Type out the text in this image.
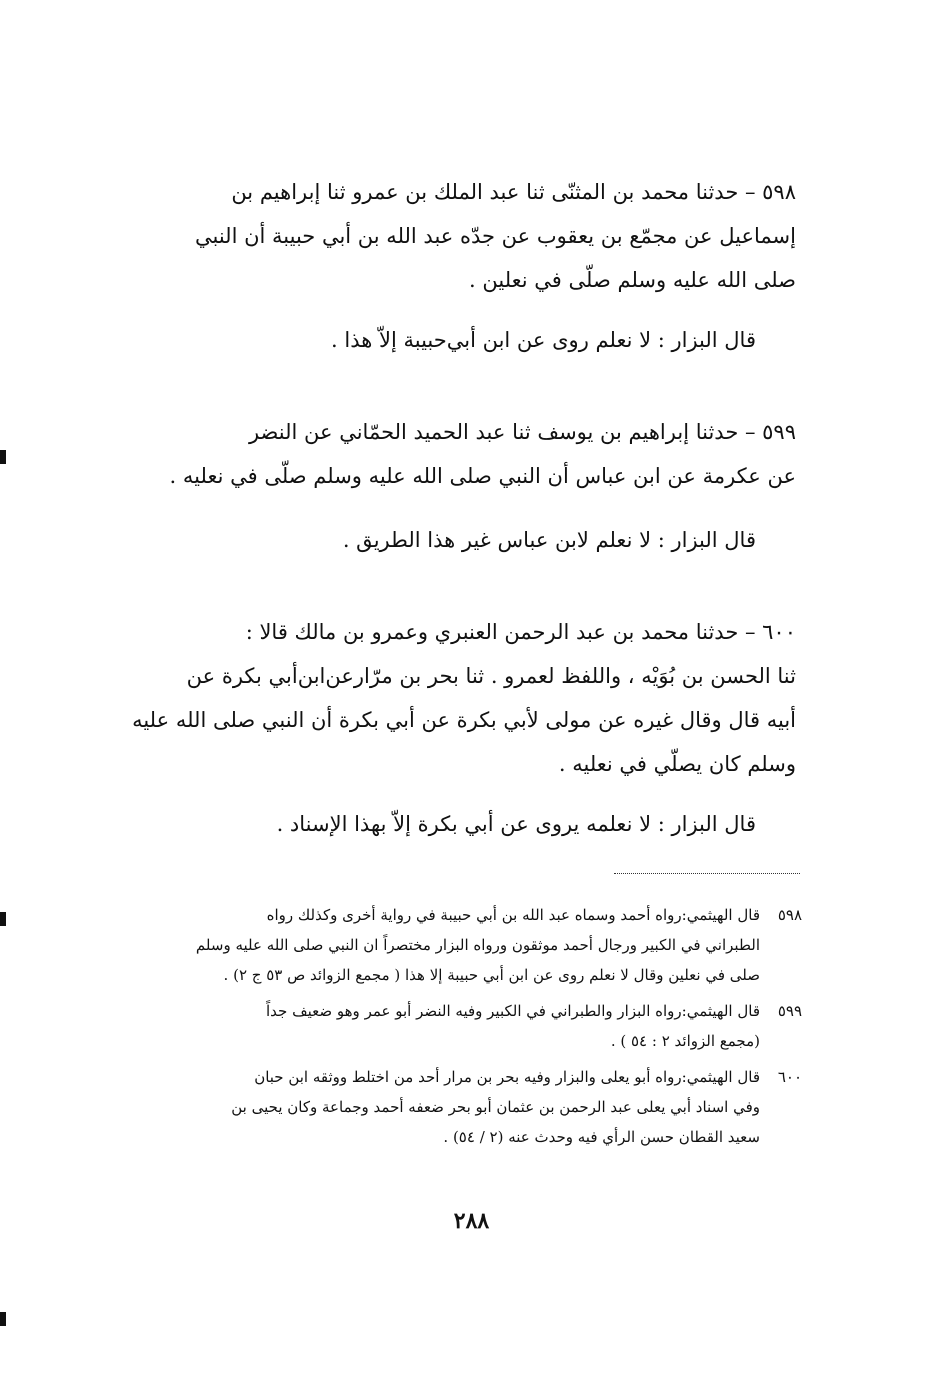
٥٩٨ – حدثنا محمد بن المثنّى ثنا عبد الملك بن عمرو ثنا إبراهيم بن
إسماعيل عن مجمّع بن يعقوب عن جدّه عبد الله بن أبي حبيبة أن النبي
صلى الله عليه وسلم صلّى في نعلين .
قال البزار : لا نعلم روى عن ابن أبي‌حبيبة إلاّ هذا .
٥٩٩ – حدثنا إبراهيم بن يوسف ثنا عبد الحميد الحمّاني عن النضر
عن عكرمة عن ابن عباس أن النبي صلى الله عليه وسلم صلّى في نعليه .
قال البزار : لا نعلم لابن عباس غير هذا الطريق .
٦٠٠ – حدثنا محمد بن عبد الرحمن العنبري وعمرو بن مالك قالا :
ثنا الحسن بن بُوَيْه ، واللفظ لعمرو . ثنا بحر بن مرّارعن‌ابن‌أبي بكرة عن
أبيه قال وقال غيره عن مولى لأبي بكرة عن أبي بكرة أن النبي صلى الله عليه
وسلم كان يصلّي في نعليه .
قال البزار : لا نعلمه يروى عن أبي بكرة إلاّ بهذا الإسناد .
٥٩٨
قال الهيثمي:رواه أحمد وسماه عبد الله بن أبي حبيبة في رواية أخرى وكذلك رواه
الطبراني في الكبير ورجال أحمد موثقون ورواه البزار مختصراً ان النبي صلى الله عليه وسلم
صلى في نعلين وقال لا نعلم روى عن ابن أبي حبيبة إلا هذا ( مجمع الزوائد ص ٥٣ ج ٢) .
٥٩٩
قال الهيثمي:رواه البزار والطبراني في الكبير وفيه النضر أبو عمر وهو ضعيف جداً
(مجمع الزوائد ٢ : ٥٤ ) .
٦٠٠
قال الهيثمي:رواه أبو يعلى والبزار وفيه بحر بن مرار أحد من اختلط ووثقه ابن حبان
وفي اسناد أبي يعلى عبد الرحمن بن عثمان أبو بحر ضعفه أحمد وجماعة وكان يحيى بن
سعيد القطان حسن الرأي فيه وحدث عنه (٢ / ٥٤) .
٢٨٨
